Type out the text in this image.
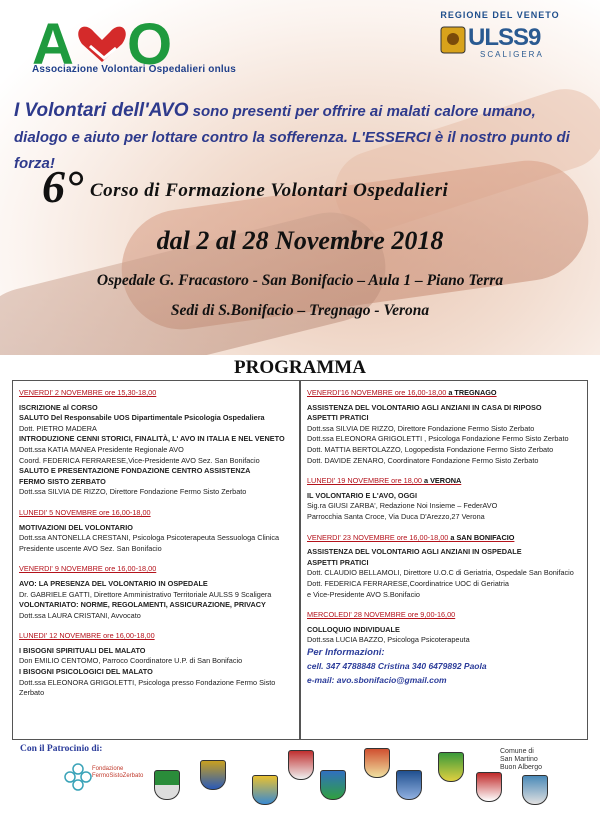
A O
Associazione Volontari Ospedalieri onlus
REGIONE DEL VENETO
ULSS9
SCALIGERA
I Volontari dell'AVO sono presenti per offrire ai malati calore umano,
dialogo e aiuto per lottare contro la sofferenza. L'ESSERCI è il nostro punto di forza!
6° Corso di Formazione Volontari Ospedalieri
dal 2 al 28 Novembre 2018
Ospedale G. Fracastoro - San Bonifacio – Aula 1 – Piano Terra
Sedi di S.Bonifacio – Tregnago - Verona
PROGRAMMA
VENERDI' 2 NOVEMBRE ore 15,30-18,00
ISCRIZIONE al CORSO
SALUTO Del Responsabile UOS Dipartimentale Psicologia Ospedaliera
Dott. PIETRO MADERA
INTRODUZIONE CENNI STORICI, FINALITÀ, L' AVO IN ITALIA E NEL VENETO
Dott.ssa KATIA MANEA Presidente Regionale AVO
Coord. FEDERICA FERRARESE,Vice-Presidente AVO Sez. San Bonifacio
SALUTO E PRESENTAZIONE FONDAZIONE CENTRO ASSISTENZA
FERMO SISTO ZERBATO
Dott.ssa SILVIA DE RIZZO, Direttore Fondazione Fermo Sisto Zerbato
LUNEDI' 5 NOVEMBRE ore 16,00-18,00
MOTIVAZIONI DEL VOLONTARIO
Dott.ssa ANTONELLA CRESTANI, Psicologa Psicoterapeuta Sessuologa Clinica
Presidente uscente AVO Sez. San Bonifacio
VENERDI' 9 NOVEMBRE ore 16,00-18,00
AVO: LA PRESENZA DEL VOLONTARIO IN OSPEDALE
Dr. GABRIELE GATTI, Direttore Amministrativo Territoriale AULSS 9 Scaligera
VOLONTARIATO: NORME, REGOLAMENTI, ASSICURAZIONE, PRIVACY
Dott.ssa LAURA CRISTANI, Avvocato
LUNEDI' 12 NOVEMBRE ore 16,00-18,00
I BISOGNI SPIRITUALI DEL MALATO
Don EMILIO CENTOMO, Parroco Coordinatore U.P. di San Bonifacio
I BISOGNI PSICOLOGICI DEL MALATO
Dott.ssa ELEONORA GRIGOLETTI, Psicologa presso Fondazione Fermo Sisto Zerbato
VENERDI'16 NOVEMBRE ore 16,00-18,00 a TREGNAGO
ASSISTENZA DEL VOLONTARIO AGLI ANZIANI IN CASA DI RIPOSO
ASPETTI PRATICI
Dott.ssa SILVIA DE RIZZO, Direttore Fondazione Fermo Sisto Zerbato
Dott.ssa ELEONORA GRIGOLETTI , Psicologa Fondazione Fermo Sisto Zerbato
Dott. MATTIA BERTOLAZZO, Logopedista Fondazione Fermo Sisto Zerbato
Dott. DAVIDE ZENARO, Coordinatore Fondazione Fermo Sisto Zerbato
LUNEDI' 19 NOVEMBRE ore 18,00 a VERONA
IL VOLONTARIO E L'AVO, OGGI
Sig.ra GIUSI ZARBA', Redazione Noi Insieme – FederAVO
Parrocchia Santa Croce, Via Duca D'Arezzo,27 Verona
VENERDI' 23 NOVEMBRE ore 16,00-18,00 a SAN BONIFACIO
ASSISTENZA DEL VOLONTARIO AGLI ANZIANI IN OSPEDALE
ASPETTI PRATICI
Dott. CLAUDIO BELLAMOLI, Direttore U.O.C di Geriatria, Ospedale San Bonifacio
Dott. FEDERICA FERRARESE,Coordinatrice UOC di Geriatria
e Vice-Presidente AVO S.Bonifacio
MERCOLEDI' 28 NOVEMBRE ore 9,00-16,00
COLLOQUIO INDIVIDUALE
Dott.ssa LUCIA BAZZO, Psicologa Psicoterapeuta
Per Informazioni:
cell. 347 4788848 Cristina 340 6479892 Paola
e-mail: avo.sbonifacio@gmail.com
Con il Patrocinio di:
Fondazione
FermoSistoZerbato
Comune di
San Martino
Buon Albergo
